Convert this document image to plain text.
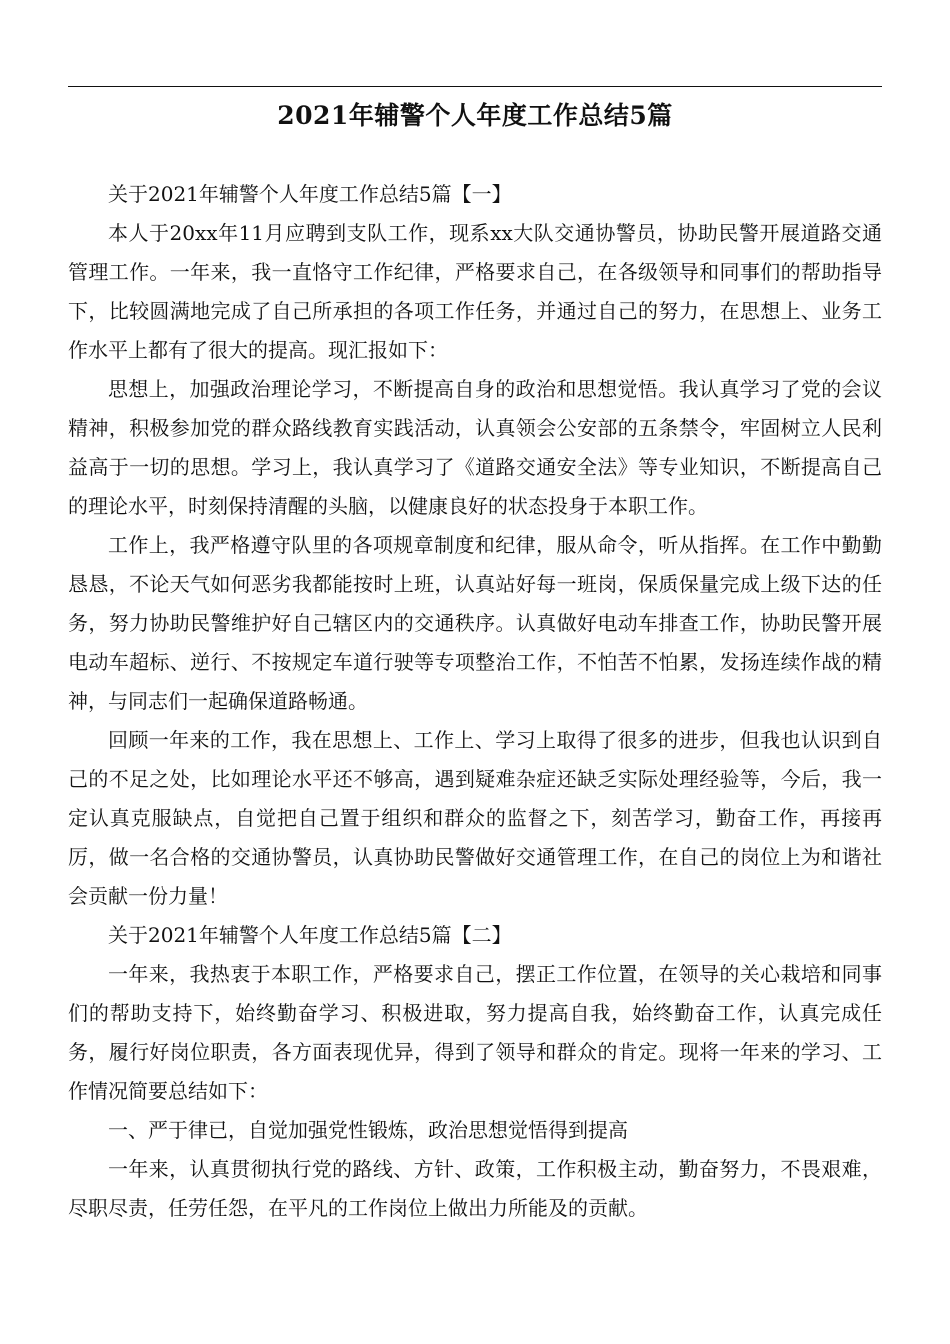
2021年辅警个人年度工作总结5篇

关于2021年辅警个人年度工作总结5篇【一】

本人于20xx年11月应聘到支队工作，现系xx大队交通协警员，协助民警开展道路交通管理工作。一年来，我一直恪守工作纪律，严格要求自己，在各级领导和同事们的帮助指导下，比较圆满地完成了自己所承担的各项工作任务，并通过自己的努力，在思想上、业务工作水平上都有了很大的提高。现汇报如下：

思想上，加强政治理论学习，不断提高自身的政治和思想觉悟。我认真学习了党的会议精神，积极参加党的群众路线教育实践活动，认真领会公安部的五条禁令，牢固树立人民利益高于一切的思想。学习上，我认真学习了《道路交通安全法》等专业知识，不断提高自己的理论水平，时刻保持清醒的头脑，以健康良好的状态投身于本职工作。

工作上，我严格遵守队里的各项规章制度和纪律，服从命令，听从指挥。在工作中勤勤恳恳，不论天气如何恶劣我都能按时上班，认真站好每一班岗，保质保量完成上级下达的任务，努力协助民警维护好自己辖区内的交通秩序。认真做好电动车排查工作，协助民警开展电动车超标、逆行、不按规定车道行驶等专项整治工作，不怕苦不怕累，发扬连续作战的精神，与同志们一起确保道路畅通。

回顾一年来的工作，我在思想上、工作上、学习上取得了很多的进步，但我也认识到自己的不足之处，比如理论水平还不够高，遇到疑难杂症还缺乏实际处理经验等，今后，我一定认真克服缺点，自觉把自己置于组织和群众的监督之下，刻苦学习，勤奋工作，再接再厉，做一名合格的交通协警员，认真协助民警做好交通管理工作，在自己的岗位上为和谐社会贡献一份力量！

关于2021年辅警个人年度工作总结5篇【二】

一年来，我热衷于本职工作，严格要求自己，摆正工作位置，在领导的关心栽培和同事们的帮助支持下，始终勤奋学习、积极进取，努力提高自我，始终勤奋工作，认真完成任务，履行好岗位职责，各方面表现优异，得到了领导和群众的肯定。现将一年来的学习、工作情况简要总结如下：

一、严于律已，自觉加强党性锻炼，政治思想觉悟得到提高

一年来，认真贯彻执行党的路线、方针、政策，工作积极主动，勤奋努力，不畏艰难，尽职尽责，任劳任怨，在平凡的工作岗位上做出力所能及的贡献。
